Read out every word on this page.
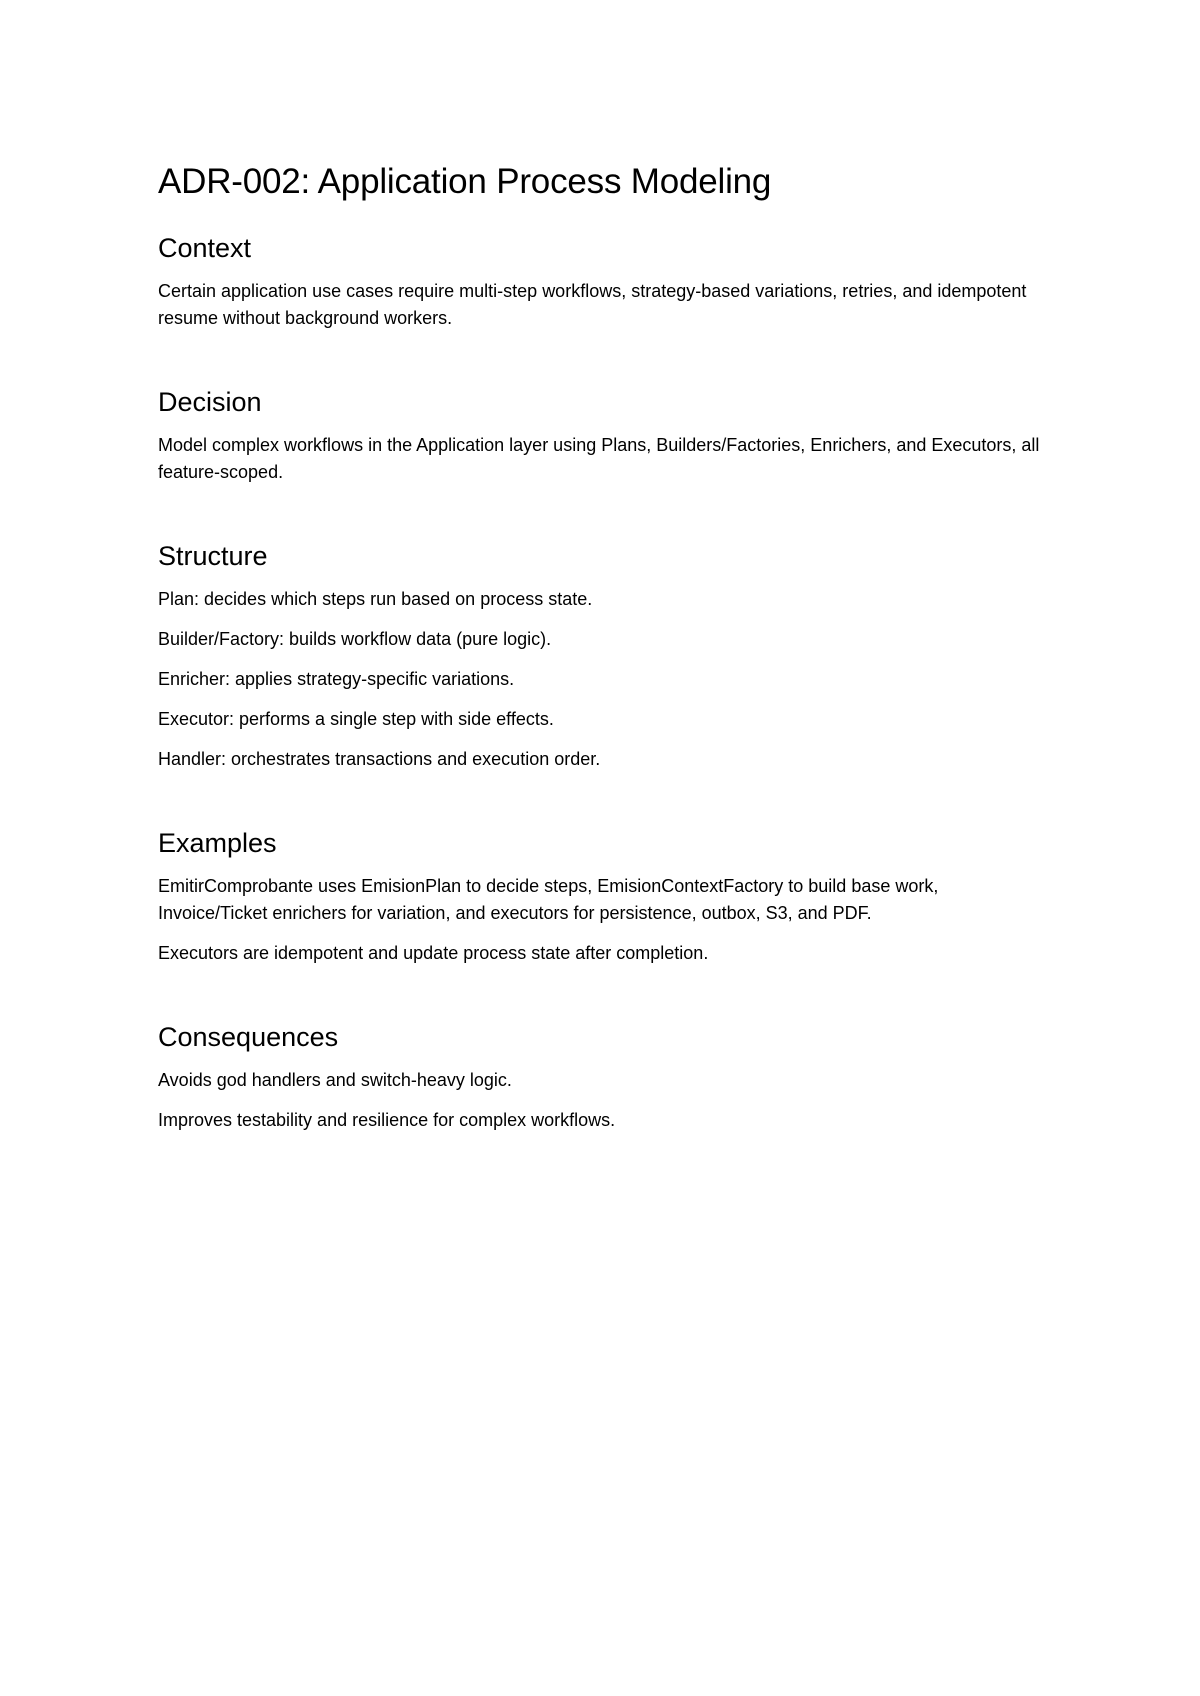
ADR-002: Application Process Modeling
Context

Certain application use cases require multi-step workflows, strategy-based variations, retries, and idempotent resume without background workers.

Decision

Model complex workflows in the Application layer using Plans, Builders/Factories, Enrichers, and Executors, all feature-scoped.

Structure

Plan: decides which steps run based on process state.

Builder/Factory: builds workflow data (pure logic).

Enricher: applies strategy-specific variations.

Executor: performs a single step with side effects.

Handler: orchestrates transactions and execution order.

Examples

EmitirComprobante uses EmisionPlan to decide steps, EmisionContextFactory to build base work, Invoice/Ticket enrichers for variation, and executors for persistence, outbox, S3, and PDF.

Executors are idempotent and update process state after completion.

Consequences

Avoids god handlers and switch-heavy logic.

Improves testability and resilience for complex workflows.
